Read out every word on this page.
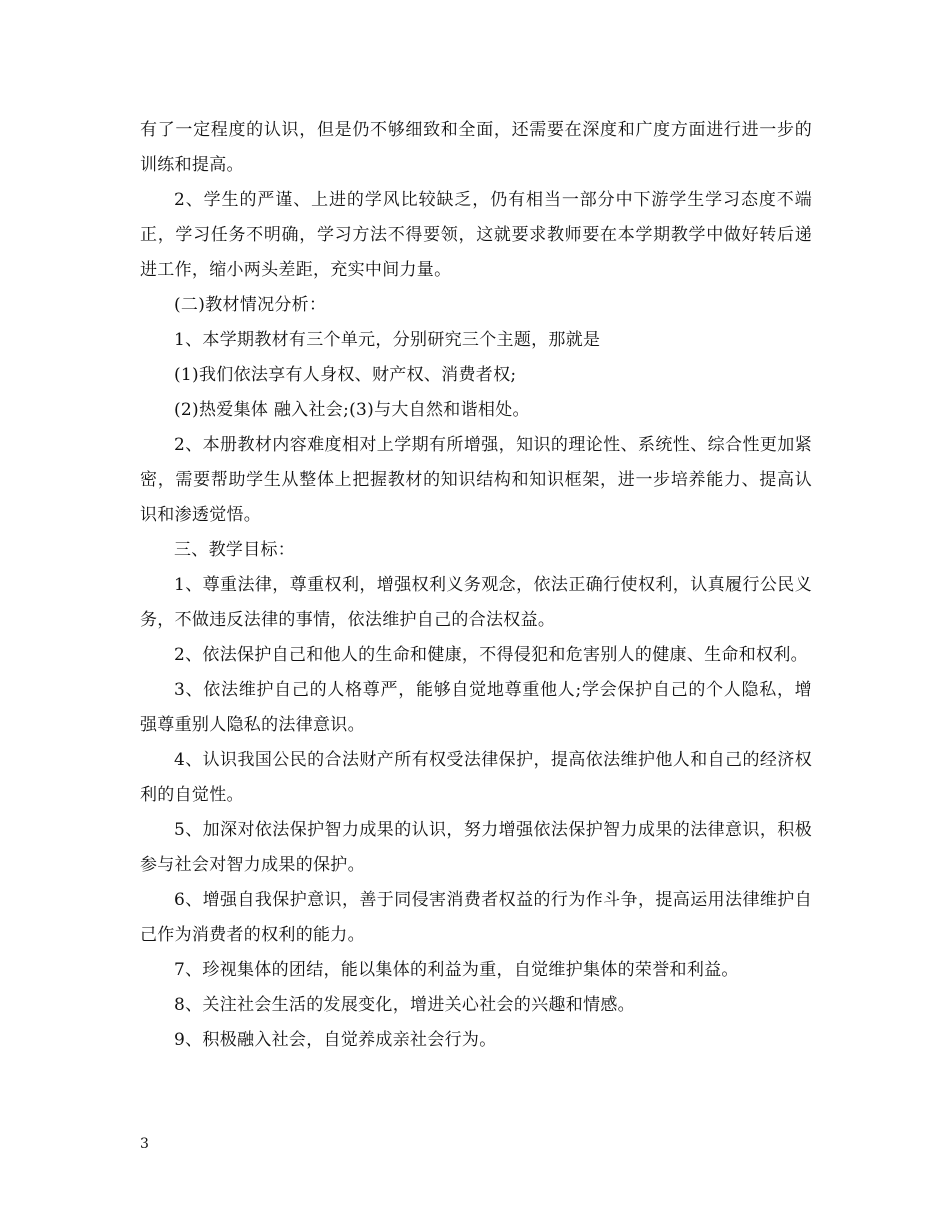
有了一定程度的认识，但是仍不够细致和全面，还需要在深度和广度方面进行进一步的训练和提高。

2、学生的严谨、上进的学风比较缺乏，仍有相当一部分中下游学生学习态度不端正，学习任务不明确，学习方法不得要领，这就要求教师要在本学期教学中做好转后递进工作，缩小两头差距，充实中间力量。

(二)教材情况分析：

1、本学期教材有三个单元，分别研究三个主题，那就是

(1)我们依法享有人身权、财产权、消费者权;

(2)热爱集体 融入社会;(3)与大自然和谐相处。

2、本册教材内容难度相对上学期有所增强，知识的理论性、系统性、综合性更加紧密，需要帮助学生从整体上把握教材的知识结构和知识框架，进一步培养能力、提高认识和渗透觉悟。

三、教学目标：

1、尊重法律，尊重权利，增强权利义务观念，依法正确行使权利，认真履行公民义务，不做违反法律的事情，依法维护自己的合法权益。

2、依法保护自己和他人的生命和健康，不得侵犯和危害别人的健康、生命和权利。

3、依法维护自己的人格尊严，能够自觉地尊重他人;学会保护自己的个人隐私，增强尊重别人隐私的法律意识。

4、认识我国公民的合法财产所有权受法律保护，提高依法维护他人和自己的经济权利的自觉性。

5、加深对依法保护智力成果的认识，努力增强依法保护智力成果的法律意识，积极参与社会对智力成果的保护。

6、增强自我保护意识，善于同侵害消费者权益的行为作斗争，提高运用法律维护自己作为消费者的权利的能力。

7、珍视集体的团结，能以集体的利益为重，自觉维护集体的荣誉和利益。

8、关注社会生活的发展变化，增进关心社会的兴趣和情感。

9、积极融入社会，自觉养成亲社会行为。

3
